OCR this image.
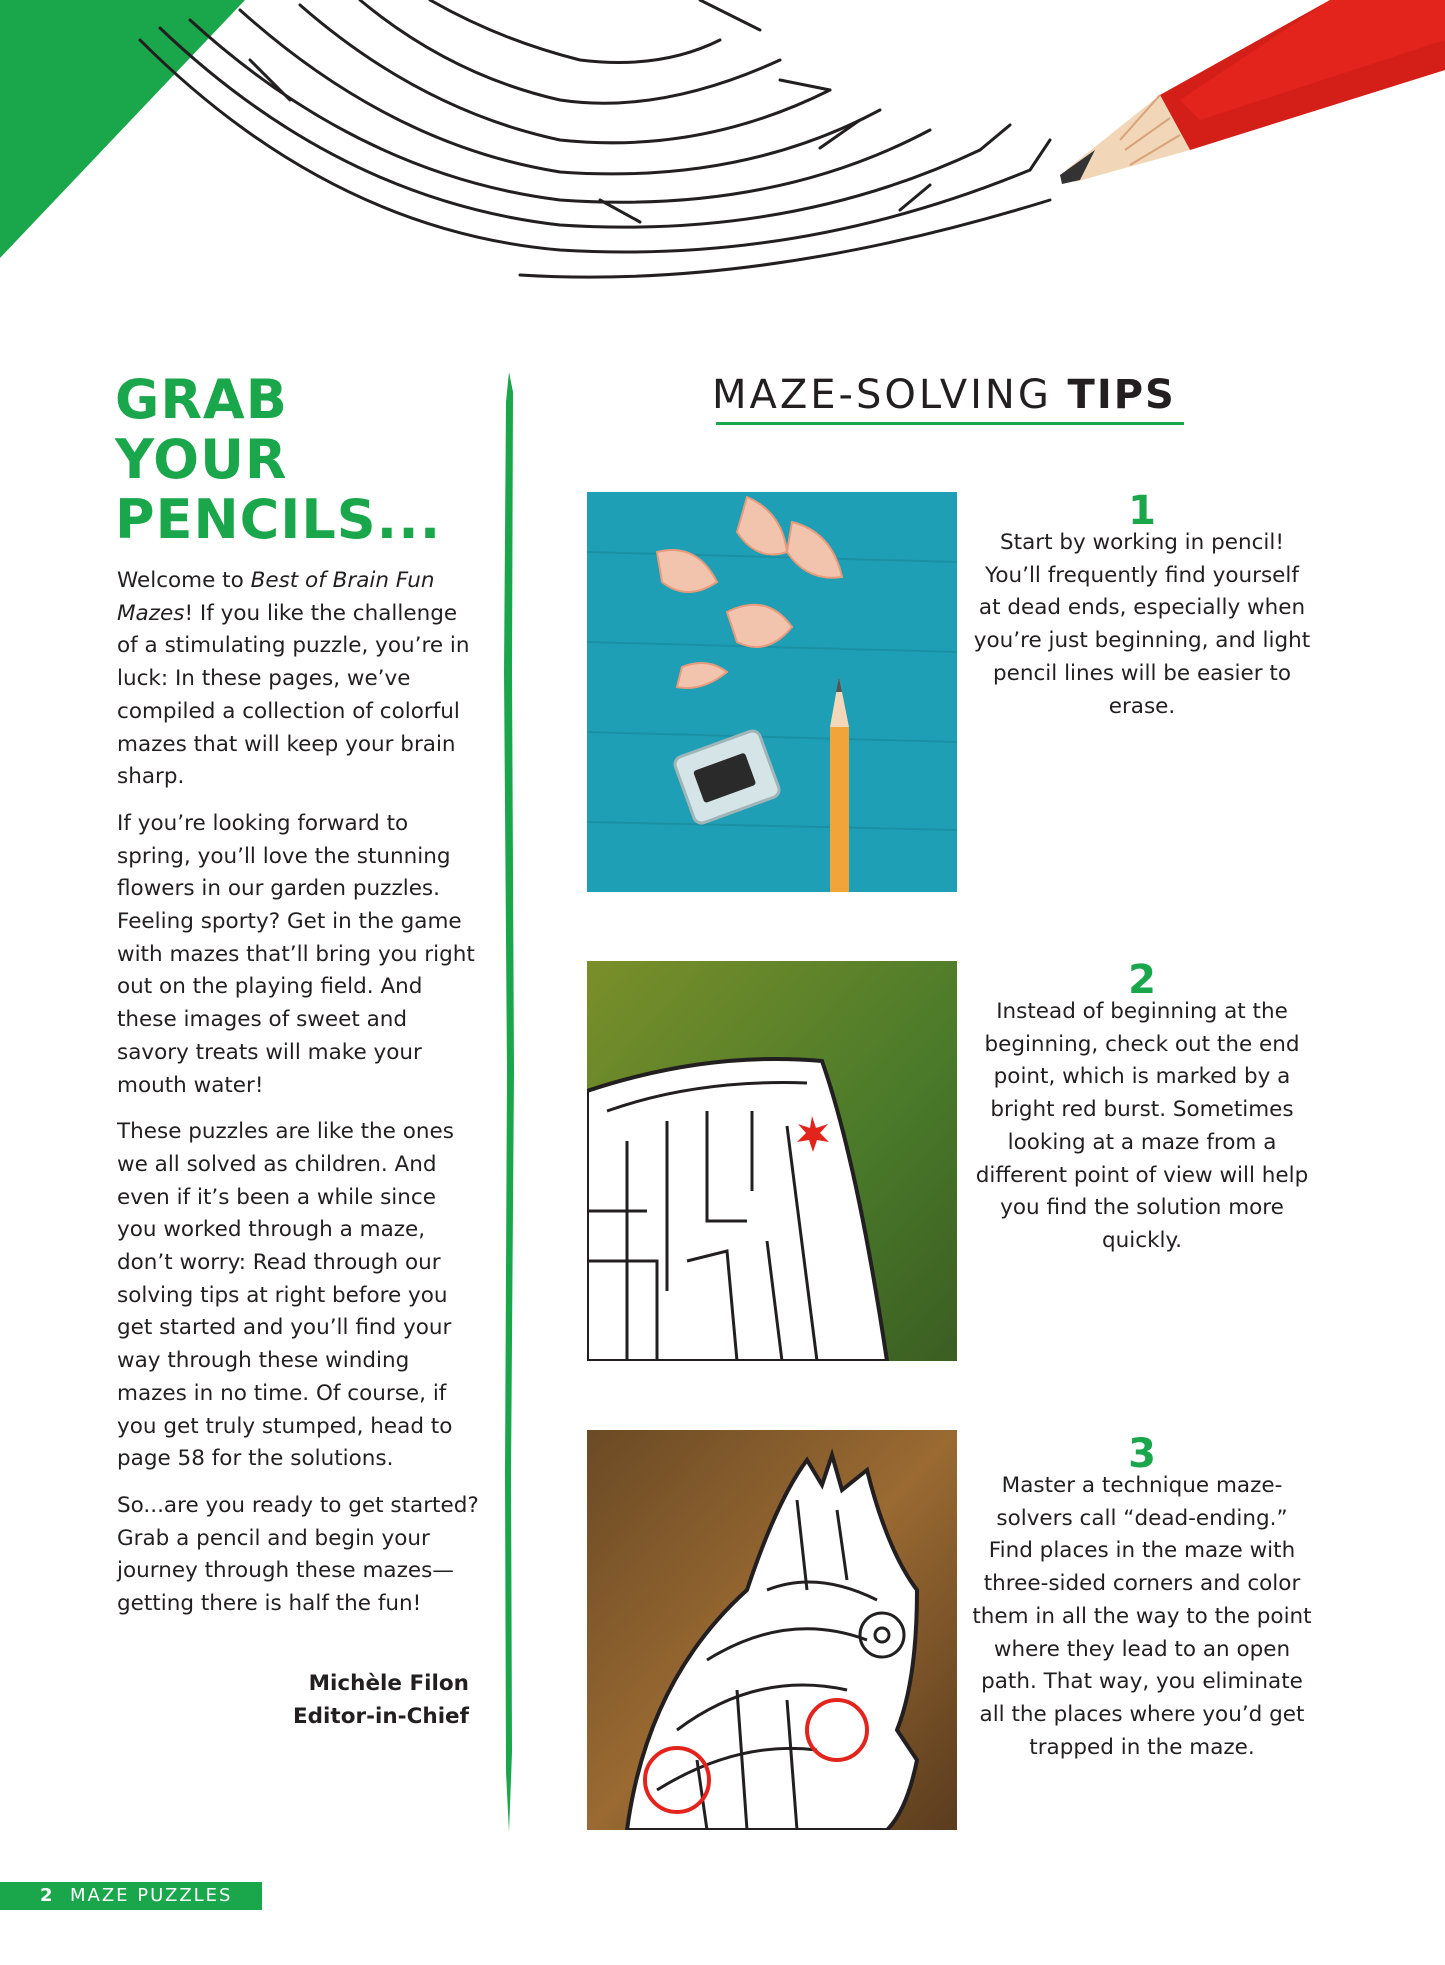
GRAB
YOUR
PENCILS...

Welcome to Best of Brain Fun Mazes! If you like the challenge of a stimulating puzzle, you’re in luck: In these pages, we’ve compiled a collection of colorful mazes that will keep your brain sharp.

If you’re looking forward to spring, you’ll love the stunning flowers in our garden puzzles. Feeling sporty? Get in the game with mazes that’ll bring you right out on the playing field. And these images of sweet and savory treats will make your mouth water!

These puzzles are like the ones we all solved as children. And even if it’s been a while since you worked through a maze, don’t worry: Read through our solving tips at right before you get started and you’ll find your way through these winding mazes in no time. Of course, if you get truly stumped, head to page 58 for the solutions.

So...are you ready to get started? Grab a pencil and begin your journey through these mazes—getting there is half the fun!

Michèle Filon
Editor-in-Chief
MAZE-SOLVING TIPS
1
Start by working in pencil! You’ll frequently find yourself at dead ends, especially when you’re just beginning, and light pencil lines will be easier to erase.
2
Instead of beginning at the beginning, check out the end point, which is marked by a bright red burst. Sometimes looking at a maze from a different point of view will help you find the solution more quickly.
3
Master a technique maze-solvers call “dead-ending.” Find places in the maze with three-sided corners and color them in all the way to the point where they lead to an open path. That way, you eliminate all the places where you’d get trapped in the maze.
2 MAZE PUZZLES
